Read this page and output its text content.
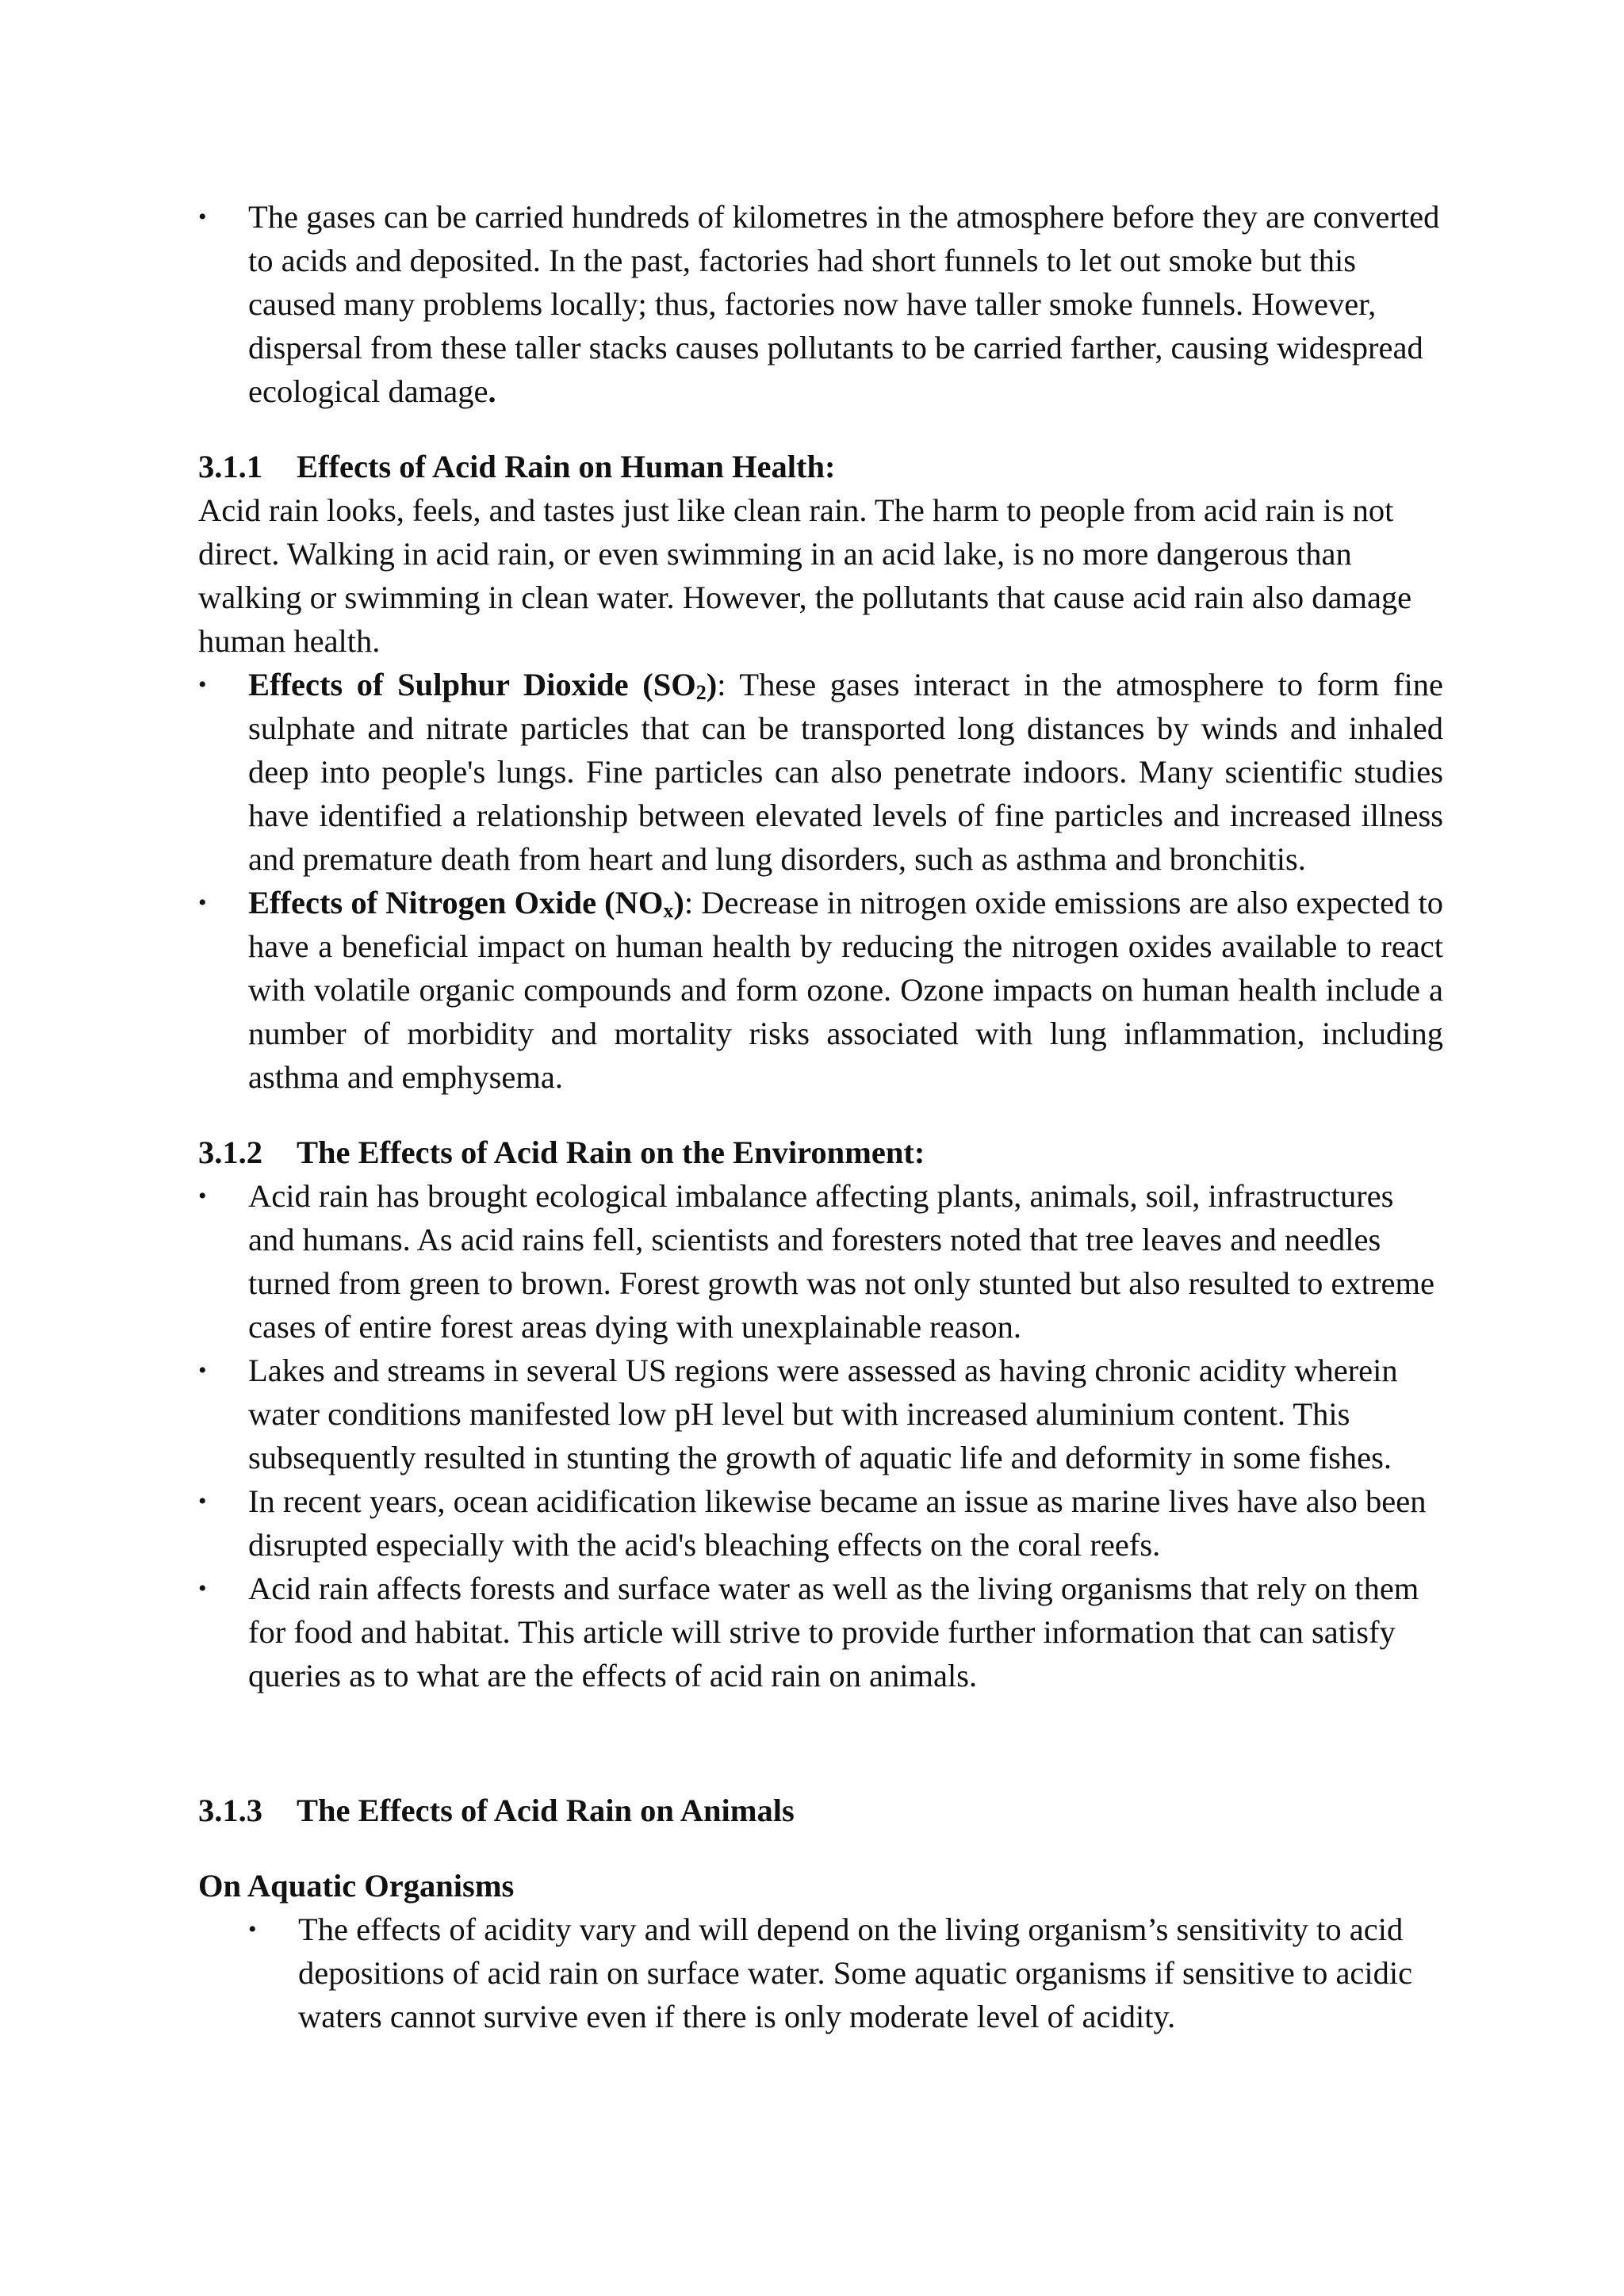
•	The gases can be carried hundreds of kilometres in the atmosphere before they are converted to acids and deposited. In the past, factories had short funnels to let out smoke but this caused many problems locally; thus, factories now have taller smoke funnels. However, dispersal from these taller stacks causes pollutants to be carried farther, causing widespread ecological damage.
3.1.1	Effects of Acid Rain on Human Health:

Acid rain looks, feels, and tastes just like clean rain. The harm to people from acid rain is not direct. Walking in acid rain, or even swimming in an acid lake, is no more dangerous than walking or swimming in clean water. However, the pollutants that cause acid rain also damage human health.

•	Effects of Sulphur Dioxide $(SO_2)$: These gases interact in the atmosphere to form fine sulphate and nitrate particles that can be transported long distances by winds and inhaled deep into people's lungs. Fine particles can also penetrate indoors. Many scientific studies have identified a relationship between elevated levels of fine particles and increased illness and premature death from heart and lung disorders, such as asthma and bronchitis.
•	Effects of Nitrogen Oxide $(NO_x)$: Decrease in nitrogen oxide emissions are also expected to have a beneficial impact on human health by reducing the nitrogen oxides available to react with volatile organic compounds and form ozone. Ozone impacts on human health include a number of morbidity and mortality risks associated with lung inflammation, including asthma and emphysema.
3.1.2	The Effects of Acid Rain on the Environment:
•	Acid rain has brought ecological imbalance affecting plants, animals, soil, infrastructures and humans. As acid rains fell, scientists and foresters noted that tree leaves and needles turned from green to brown. Forest growth was not only stunted but also resulted to extreme cases of entire forest areas dying with unexplainable reason.
•	Lakes and streams in several US regions were assessed as having chronic acidity wherein water conditions manifested low pH level but with increased aluminium content. This subsequently resulted in stunting the growth of aquatic life and deformity in some fishes.
•	In recent years, ocean acidification likewise became an issue as marine lives have also been disrupted especially with the acid's bleaching effects on the coral reefs.
•	Acid rain affects forests and surface water as well as the living organisms that rely on them for food and habitat. This article will strive to provide further information that can satisfy queries as to what are the effects of acid rain on animals.
3.1.3	The Effects of Acid Rain on Animals
On Aquatic Organisms
•	The effects of acidity vary and will depend on the living organism’s sensitivity to acid depositions of acid rain on surface water. Some aquatic organisms if sensitive to acidic waters cannot survive even if there is only moderate level of acidity.
